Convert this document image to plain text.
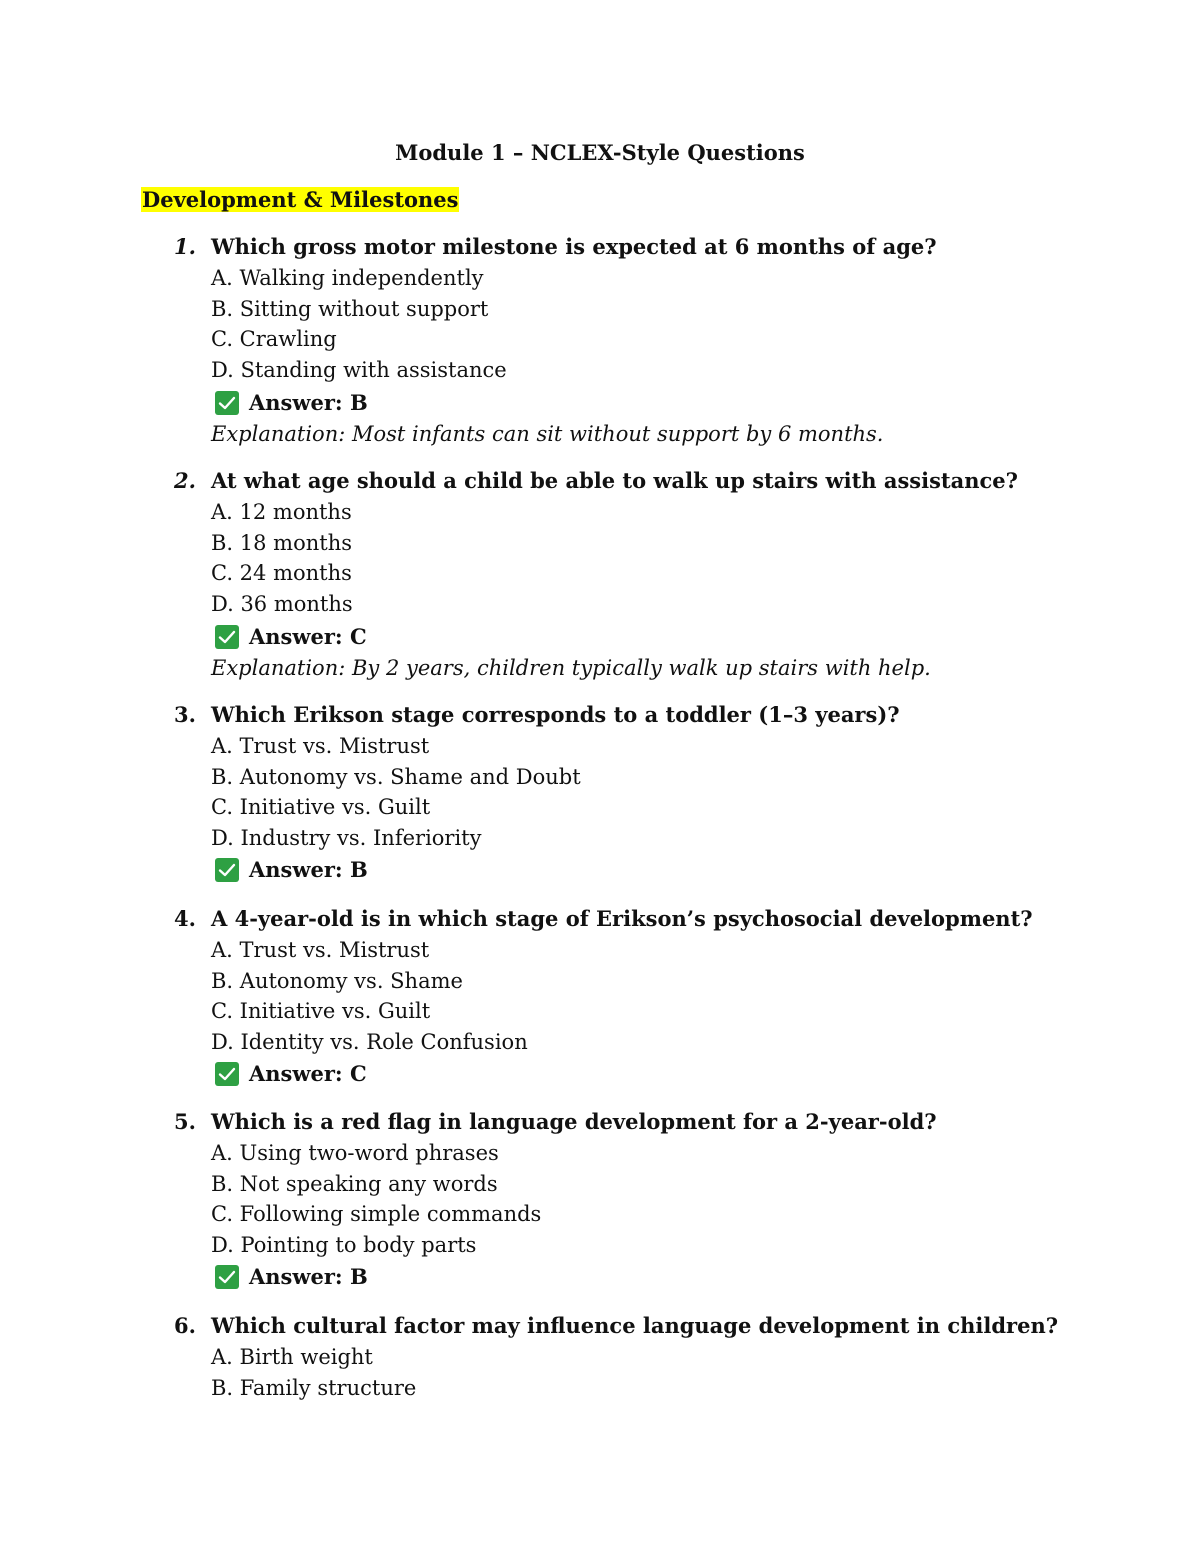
Module 1 – NCLEX-Style Questions
Development & Milestones
1. Which gross motor milestone is expected at 6 months of age?
A. Walking independently
B. Sitting without support
C. Crawling
D. Standing with assistance
Answer: B
Explanation: Most infants can sit without support by 6 months.
2. At what age should a child be able to walk up stairs with assistance?
A. 12 months
B. 18 months
C. 24 months
D. 36 months
Answer: C
Explanation: By 2 years, children typically walk up stairs with help.
3. Which Erikson stage corresponds to a toddler (1–3 years)?
A. Trust vs. Mistrust
B. Autonomy vs. Shame and Doubt
C. Initiative vs. Guilt
D. Industry vs. Inferiority
Answer: B
4. A 4-year-old is in which stage of Erikson’s psychosocial development?
A. Trust vs. Mistrust
B. Autonomy vs. Shame
C. Initiative vs. Guilt
D. Identity vs. Role Confusion
Answer: C
5. Which is a red flag in language development for a 2-year-old?
A. Using two-word phrases
B. Not speaking any words
C. Following simple commands
D. Pointing to body parts
Answer: B
6. Which cultural factor may influence language development in children?
A. Birth weight
B. Family structure
